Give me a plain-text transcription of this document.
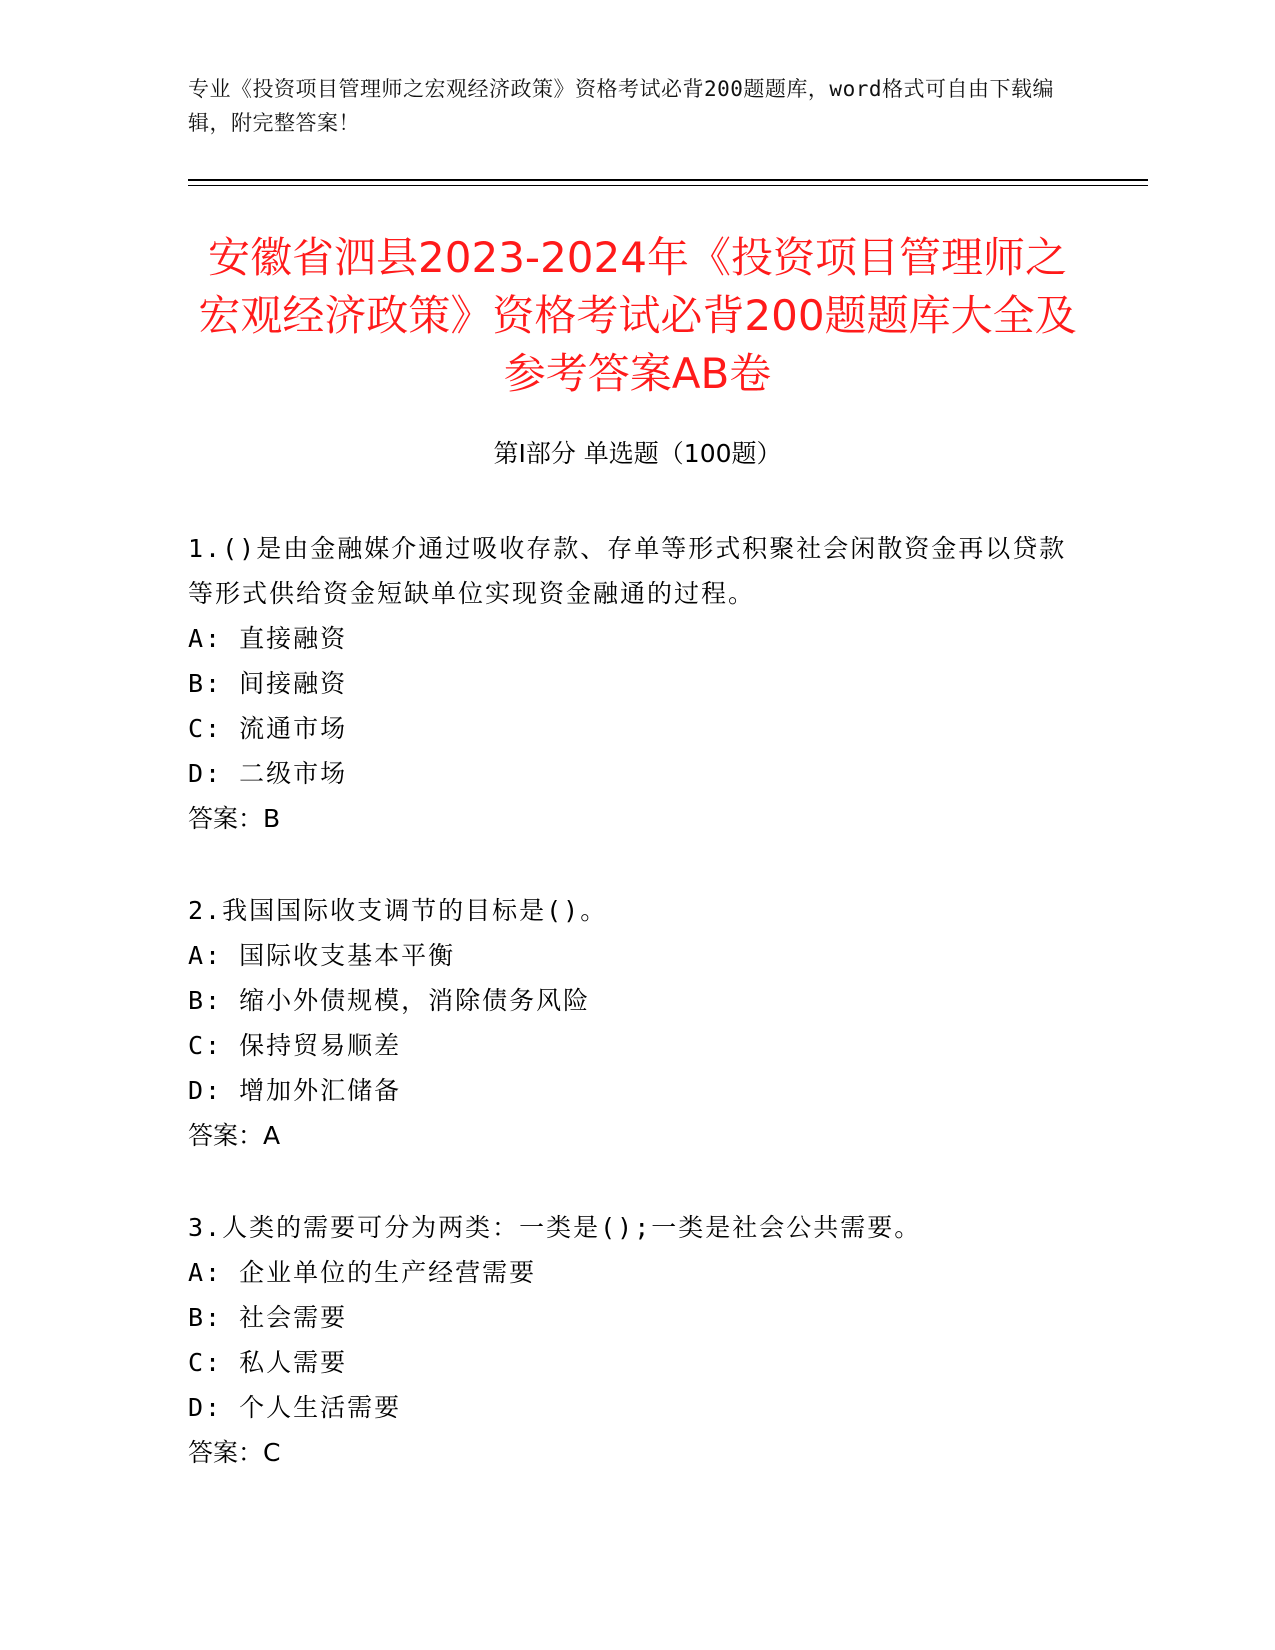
专业《投资项目管理师之宏观经济政策》资格考试必背200题题库，word格式可自由下载编辑，附完整答案！
安徽省泗县2023-2024年《投资项目管理师之宏观经济政策》资格考试必背200题题库大全及参考答案AB卷
第Ⅰ部分 单选题（100题）
1.()是由金融媒介通过吸收存款、存单等形式积聚社会闲散资金再以贷款等形式供给资金短缺单位实现资金融通的过程。
A: 直接融资
B: 间接融资
C: 流通市场
D: 二级市场
答案：B
2.我国国际收支调节的目标是()。
A: 国际收支基本平衡
B: 缩小外债规模，消除债务风险
C: 保持贸易顺差
D: 增加外汇储备
答案：A
3.人类的需要可分为两类：一类是();一类是社会公共需要。
A: 企业单位的生产经营需要
B: 社会需要
C: 私人需要
D: 个人生活需要
答案：C
